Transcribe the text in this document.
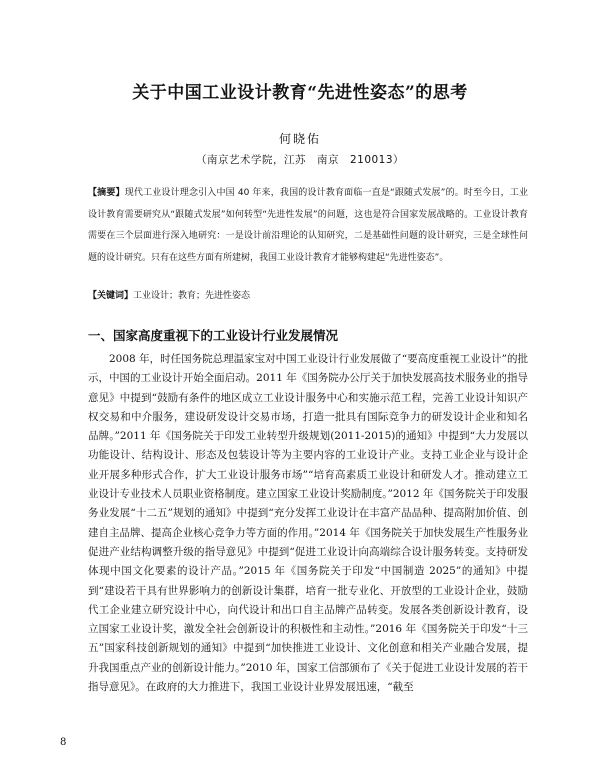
关于中国工业设计教育“先进性姿态”的思考
何晓佑
（南京艺术学院，江苏　南京　210013）
【摘要】现代工业设计理念引入中国 40 年来，我国的设计教育面临一直是“跟随式发展”的。时至今日，工业设计教育需要研究从“跟随式发展”如何转型“先进性发展”的问题，这也是符合国家发展战略的。工业设计教育需要在三个层面进行深入地研究：一是设计前沿理论的认知研究，二是基础性问题的设计研究，三是全球性问题的设计研究。只有在这些方面有所建树，我国工业设计教育才能够构建起“先进性姿态”。
【关键词】工业设计；教育；先进性姿态
一、国家高度重视下的工业设计行业发展情况

2008 年，时任国务院总理温家宝对中国工业设计行业发展做了“要高度重视工业设计”的批示，中国的工业设计开始全面启动。2011 年《国务院办公厅关于加快发展高技术服务业的指导意见》中提到“鼓励有条件的地区成立工业设计服务中心和实施示范工程，完善工业设计知识产权交易和中介服务，建设研发设计交易市场，打造一批具有国际竞争力的研发设计企业和知名品牌。”2011 年《国务院关于印发工业转型升级规划(2011-2015)的通知》中提到“大力发展以功能设计、结构设计、形态及包装设计等为主要内容的工业设计产业。支持工业企业与设计企业开展多种形式合作，扩大工业设计服务市场”“培育高素质工业设计和研发人才。推动建立工业设计专业技术人员职业资格制度。建立国家工业设计奖励制度。”2012 年《国务院关于印发服务业发展“十二五”规划的通知》中提到“充分发挥工业设计在丰富产品品种、提高附加价值、创建自主品牌、提高企业核心竞争力等方面的作用。”2014 年《国务院关于加快发展生产性服务业促进产业结构调整升级的指导意见》中提到“促进工业设计向高端综合设计服务转变。支持研发体现中国文化要素的设计产品。”2015 年《国务院关于印发“中国制造 2025”的通知》中提到“建设若干具有世界影响力的创新设计集群，培育一批专业化、开放型的工业设计企业，鼓励代工企业建立研究设计中心，向代设计和出口自主品牌产品转变。发展各类创新设计教育，设立国家工业设计奖，激发全社会创新设计的积极性和主动性。”2016 年《国务院关于印发“十三五”国家科技创新规划的通知》中提到“加快推进工业设计、文化创意和相关产业融合发展，提升我国重点产业的创新设计能力。”2010 年，国家工信部颁布了《关于促进工业设计发展的若干指导意见》。在政府的大力推进下，我国工业设计业界发展迅速，“截至

8
